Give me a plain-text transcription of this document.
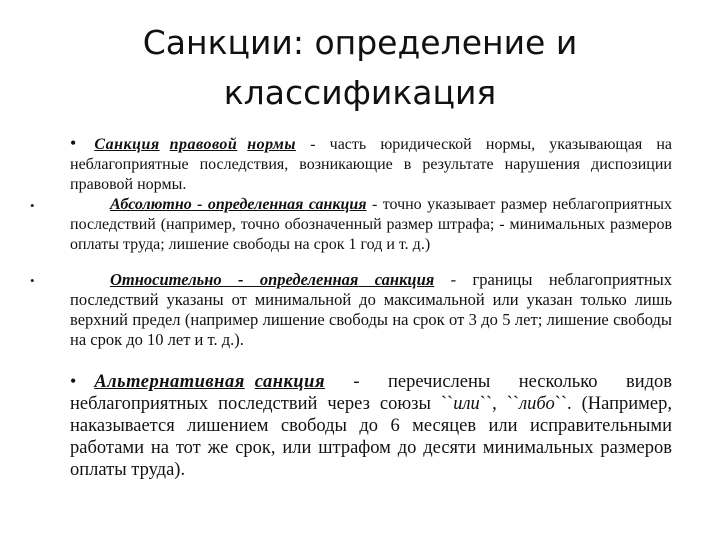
Санкции: определение и
классификация
•
•
• Санкция правовой нормы - часть юридической нормы, указывающая на неблагоприятные последствия, возникающие в результате нарушения диспозиции правовой нормы.
Абсолютно - определенная санкция - точно указывает размер неблагоприятных последствий (например, точно обозначенный размер штрафа; - минимальных размеров оплаты труда; лишение свободы на срок 1 год и т. д.)
Относительно - определенная санкция - границы неблагоприятных последствий указаны от минимальной до максимальной или указан только лишь верхний предел (например лишение свободы на срок от 3 до 5 лет; лишение свободы на срок до 10 лет и т. д.).
• Альтернативная санкция - перечислены несколько видов неблагоприятных последствий через союзы ``или``, ``либо``. (Например, наказывается лишением свободы до 6 месяцев или исправительными работами на тот же срок, или штрафом до десяти минимальных размеров оплаты труда).
